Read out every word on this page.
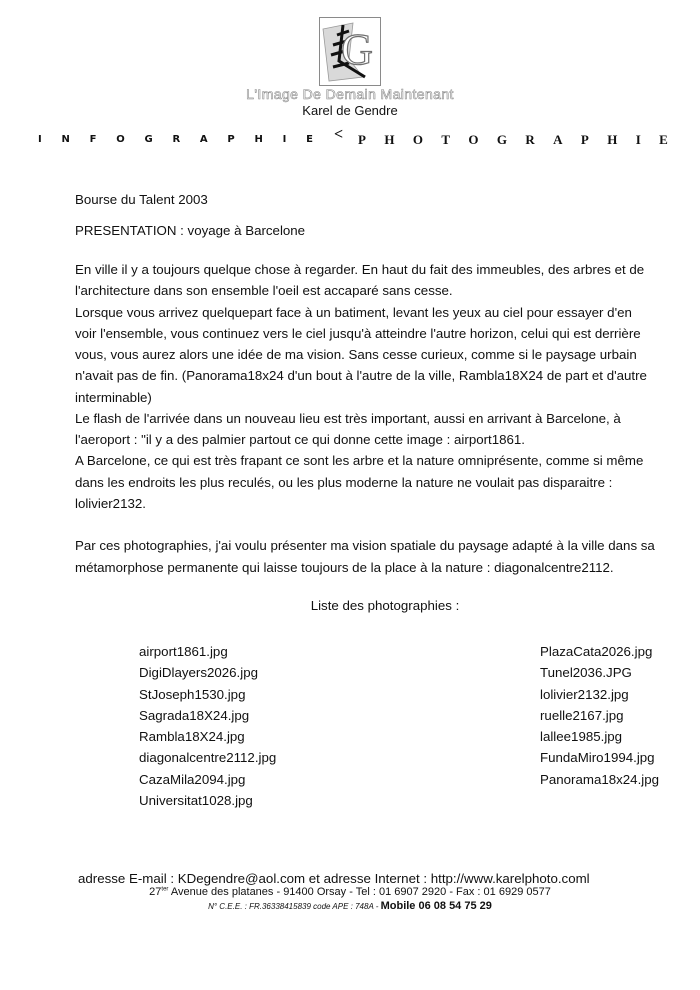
G
L'Image De Demain Maintenant
Karel de Gendre
I N F O G R A P H I E < P H O T O G R A P H I E
Bourse du Talent 2003
PRESENTATION : voyage à Barcelone

En ville il y a toujours quelque chose à regarder. En haut du fait des immeubles, des arbres et de

l'architecture dans son ensemble l'oeil est accaparé sans cesse.

Lorsque vous arrivez quelquepart face à un batiment, levant les yeux au ciel pour essayer d'en

voir l'ensemble, vous continuez vers le ciel jusqu'à atteindre l'autre horizon, celui qui est derrière

vous, vous aurez alors une idée de ma vision. Sans cesse curieux, comme si le paysage urbain

n'avait pas de fin. (Panorama18x24 d'un bout à l'autre de la ville, Rambla18X24 de part et d'autre

interminable)

Le flash de l'arrivée dans un nouveau lieu est très important, aussi en arrivant à Barcelone, à

l'aeroport : "il y a des palmier partout ce qui donne cette image : airport1861.

A Barcelone, ce qui est très frapant ce sont les arbre et la nature omniprésente, comme si même

dans les endroits les plus reculés, ou les plus moderne la nature ne voulait pas disparaitre :

lolivier2132.

Par ces photographies, j'ai voulu présenter ma vision spatiale du paysage adapté à la ville dans sa

métamorphose permanente qui laisse toujours de la place à la nature : diagonalcentre2112.

Liste des photographies :
airport1861.jpg
DigiDlayers2026.jpg
StJoseph1530.jpg
Sagrada18X24.jpg
Rambla18X24.jpg
diagonalcentre2112.jpg
CazaMila2094.jpg
Universitat1028.jpg
PlazaCata2026.jpg
Tunel2036.JPG
lolivier2132.jpg
ruelle2167.jpg
lallee1985.jpg
FundaMiro1994.jpg
Panorama18x24.jpg
adresse E-mail : KDegendre@aol.com et adresse Internet : http://www.karelphoto.coml
$27^{ter}$ Avenue des platanes - 91400 Orsay - Tel : 01 6907 2920 - Fax : 01 6929 0577
N° C.E.E. : FR.36338415839 code APE : 748A - Mobile 06 08 54 75 29
